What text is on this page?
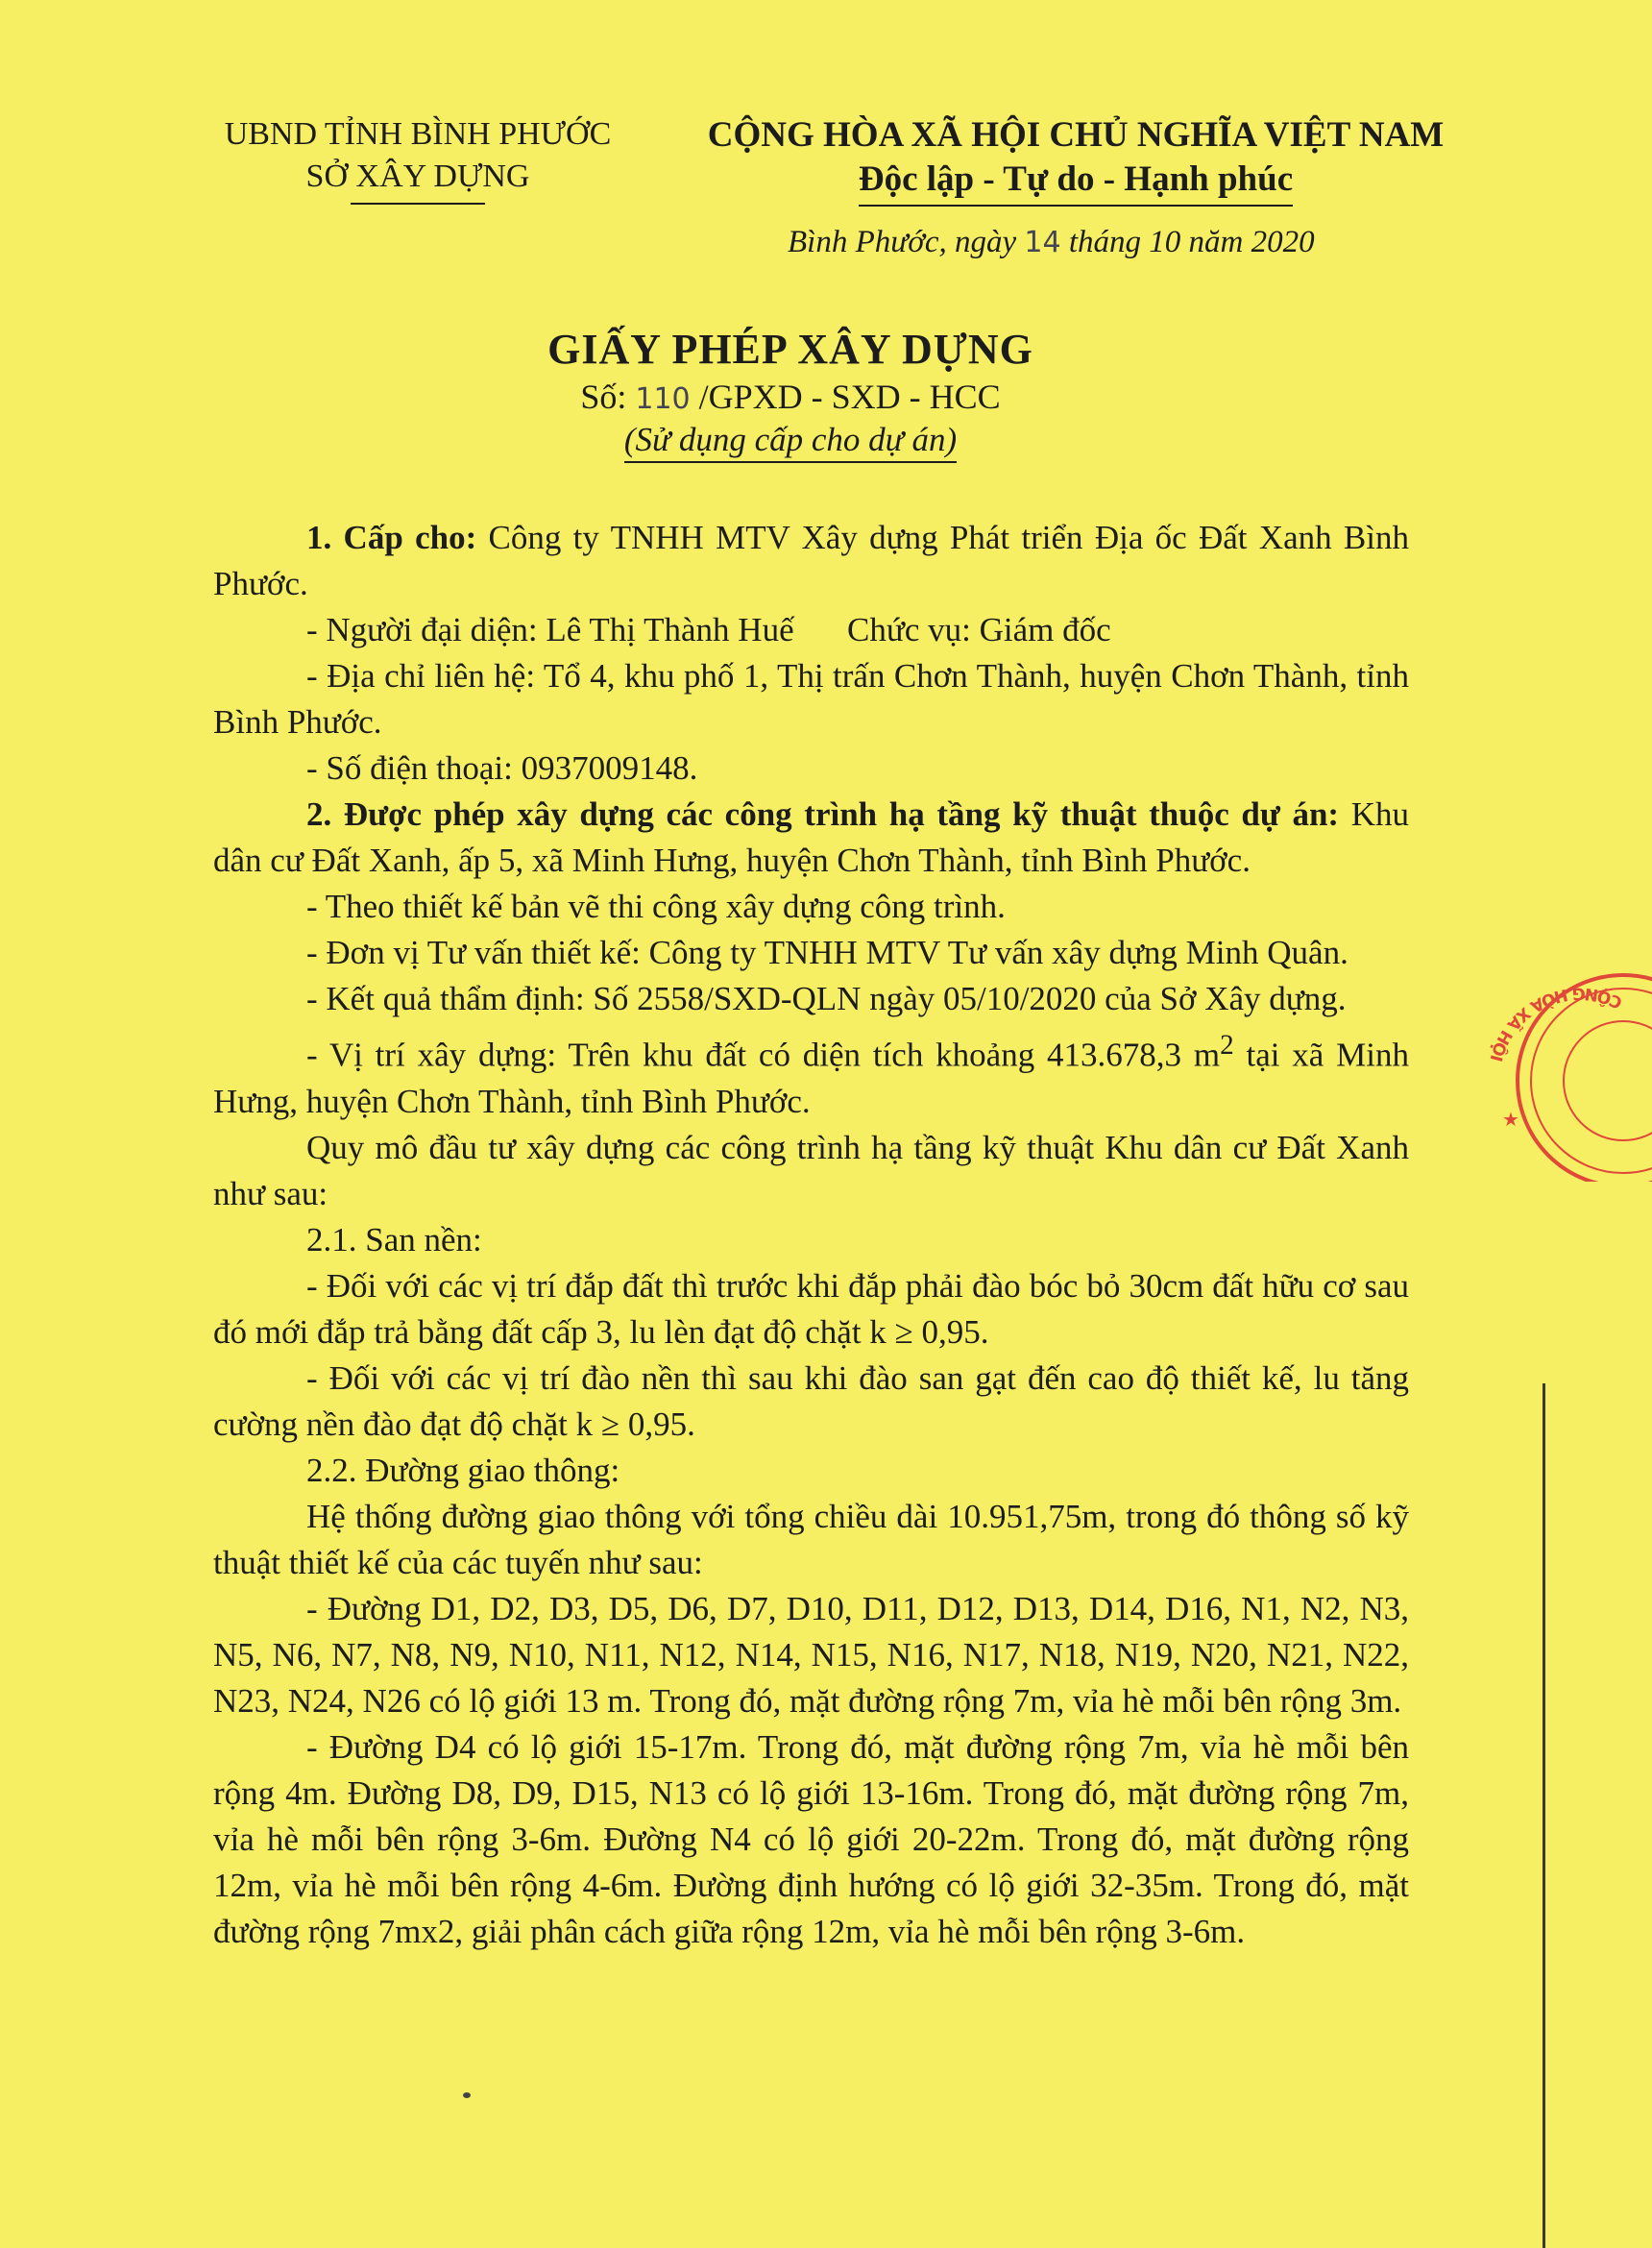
UBND TỈNH BÌNH PHƯỚC
SỞ XÂY DỰNG
CỘNG HÒA XÃ HỘI CHỦ NGHĨA VIỆT NAM
Độc lập - Tự do - Hạnh phúc
Bình Phước, ngày 14 tháng 10 năm 2020
GIẤY PHÉP XÂY DỰNG
Số: 110 /GPXD - SXD - HCC
(Sử dụng cấp cho dự án)

1. Cấp cho: Công ty TNHH MTV Xây dựng Phát triển Địa ốc Đất Xanh Bình Phước.

- Người đại diện: Lê Thị Thành Huế	Chức vụ: Giám đốc

- Địa chỉ liên hệ: Tổ 4, khu phố 1, Thị trấn Chơn Thành, huyện Chơn Thành, tỉnh Bình Phước.

- Số điện thoại: 0937009148.

2. Được phép xây dựng các công trình hạ tầng kỹ thuật thuộc dự án: Khu dân cư Đất Xanh, ấp 5, xã Minh Hưng, huyện Chơn Thành, tỉnh Bình Phước.

- Theo thiết kế bản vẽ thi công xây dựng công trình.

- Đơn vị Tư vấn thiết kế: Công ty TNHH MTV Tư vấn xây dựng Minh Quân.

- Kết quả thẩm định: Số 2558/SXD-QLN ngày 05/10/2020 của Sở Xây dựng.

- Vị trí xây dựng: Trên khu đất có diện tích khoảng 413.678,3 $m^2$ tại xã Minh Hưng, huyện Chơn Thành, tỉnh Bình Phước.

Quy mô đầu tư xây dựng các công trình hạ tầng kỹ thuật Khu dân cư Đất Xanh như sau:

2.1. San nền:

- Đối với các vị trí đắp đất thì trước khi đắp phải đào bóc bỏ 30cm đất hữu cơ sau đó mới đắp trả bằng đất cấp 3, lu lèn đạt độ chặt k ≥ 0,95.

- Đối với các vị trí đào nền thì sau khi đào san gạt đến cao độ thiết kế, lu tăng cường nền đào đạt độ chặt k ≥ 0,95.

2.2. Đường giao thông:

Hệ thống đường giao thông với tổng chiều dài 10.951,75m, trong đó thông số kỹ thuật thiết kế của các tuyến như sau:

- Đường D1, D2, D3, D5, D6, D7, D10, D11, D12, D13, D14, D16, N1, N2, N3, N5, N6, N7, N8, N9, N10, N11, N12, N14, N15, N16, N17, N18, N19, N20, N21, N22, N23, N24, N26 có lộ giới 13 m. Trong đó, mặt đường rộng 7m, vỉa hè mỗi bên rộng 3m.

- Đường D4 có lộ giới 15-17m. Trong đó, mặt đường rộng 7m, vỉa hè mỗi bên rộng 4m. Đường D8, D9, D15, N13 có lộ giới 13-16m. Trong đó, mặt đường rộng 7m, vỉa hè mỗi bên rộng 3-6m. Đường N4 có lộ giới 20-22m. Trong đó, mặt đường rộng 12m, vỉa hè mỗi bên rộng 4-6m. Đường định hướng có lộ giới 32-35m. Trong đó, mặt đường rộng 7mx2, giải phân cách giữa rộng 12m, vỉa hè mỗi bên rộng 3-6m.

CỘNG HÒA XÃ HỘI
★
